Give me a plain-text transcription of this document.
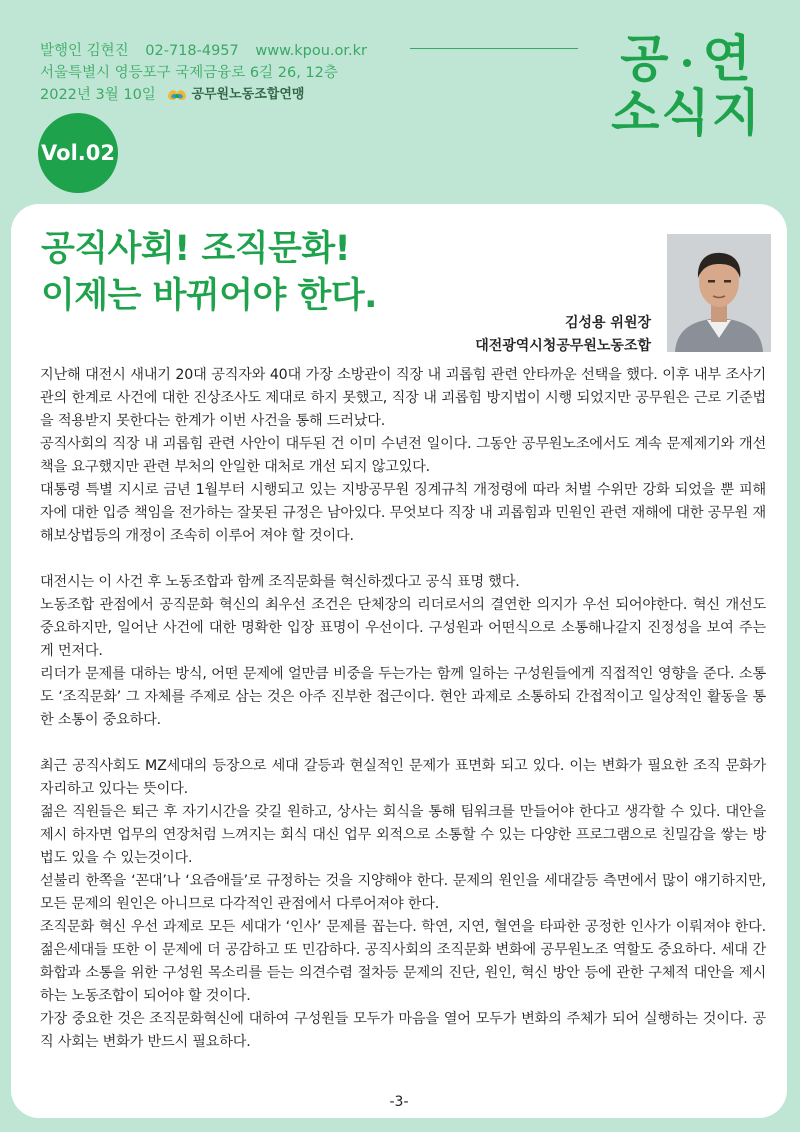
발행인 김현진 02-718-4957 www.kpou.or.kr
서울특별시 영등포구 국제금융로 6길 26, 12층
2022년 3월 10일	공무원노동조합연맹
공 연
소식지
Vol.02
공직사회! 조직문화!
이제는 바뀌어야 한다.
김성용 위원장
대전광역시청공무원노동조합

지난해 대전시 새내기 20대 공직자와 40대 가장 소방관이 직장 내 괴롭힘 관련 안타까운 선택을 했다. 이후 내부 조사기관의 한계로 사건에 대한 진상조사도 제대로 하지 못했고, 직장 내 괴롭힘 방지법이 시행 되었지만 공무원은 근로 기준법을 적용받지 못한다는 한계가 이번 사건을 통해 드러났다.

공직사회의 직장 내 괴롭힘 관련 사안이 대두된 건 이미 수년전 일이다. 그동안 공무원노조에서도 계속 문제제기와 개선책을 요구했지만 관련 부처의 안일한 대처로 개선 되지 않고있다.

대통령 특별 지시로 금년 1월부터 시행되고 있는 지방공무원 징계규칙 개정령에 따라 처벌 수위만 강화 되었을 뿐 피해자에 대한 입증 책임을 전가하는 잘못된 규정은 남아있다. 무엇보다 직장 내 괴롭힘과 민원인 관련 재해에 대한 공무원 재해보상법등의 개정이 조속히 이루어 져야 할 것이다.

대전시는 이 사건 후 노동조합과 함께 조직문화를 혁신하겠다고 공식 표명 했다.

노동조합 관점에서 공직문화 혁신의 최우선 조건은 단체장의 리더로서의 결연한 의지가 우선 되어야한다. 혁신 개선도 중요하지만, 일어난 사건에 대한 명확한 입장 표명이 우선이다. 구성원과 어떤식으로 소통해나갈지 진정성을 보여 주는게 먼저다.

리더가 문제를 대하는 방식, 어떤 문제에 얼만큼 비중을 두는가는 함께 일하는 구성원들에게 직접적인 영향을 준다. 소통도 ‘조직문화’ 그 자체를 주제로 삼는 것은 아주 진부한 접근이다. 현안 과제로 소통하되 간접적이고 일상적인 활동을 통한 소통이 중요하다.

최근 공직사회도 MZ세대의 등장으로 세대 갈등과 현실적인 문제가 표면화 되고 있다. 이는 변화가 필요한 조직 문화가 자리하고 있다는 뜻이다.

젊은 직원들은 퇴근 후 자기시간을 갖길 원하고, 상사는 회식을 통해 팀워크를 만들어야 한다고 생각할 수 있다. 대안을 제시 하자면 업무의 연장처럼 느껴지는 회식 대신 업무 외적으로 소통할 수 있는 다양한 프로그램으로 친밀감을 쌓는 방법도 있을 수 있는것이다.

섣불리 한쪽을 ‘꼰대’나 ‘요즘애들’로 규정하는 것을 지양해야 한다. 문제의 원인을 세대갈등 측면에서 많이 얘기하지만, 모든 문제의 원인은 아니므로 다각적인 관점에서 다루어져야 한다.

조직문화 혁신 우선 과제로 모든 세대가 ‘인사’ 문제를 꼽는다. 학연, 지연, 혈연을 타파한 공정한 인사가 이뤄져야 한다. 젊은세대들 또한 이 문제에 더 공감하고 또 민감하다. 공직사회의 조직문화 변화에 공무원노조 역할도 중요하다. 세대 간 화합과 소통을 위한 구성원 목소리를 듣는 의견수렴 절차등 문제의 진단, 원인, 혁신 방안 등에 관한 구체적 대안을 제시하는 노동조합이 되어야 할 것이다.

가장 중요한 것은 조직문화혁신에 대하여 구성원들 모두가 마음을 열어 모두가 변화의 주체가 되어 실행하는 것이다. 공직 사회는 변화가 반드시 필요하다.

-3-
